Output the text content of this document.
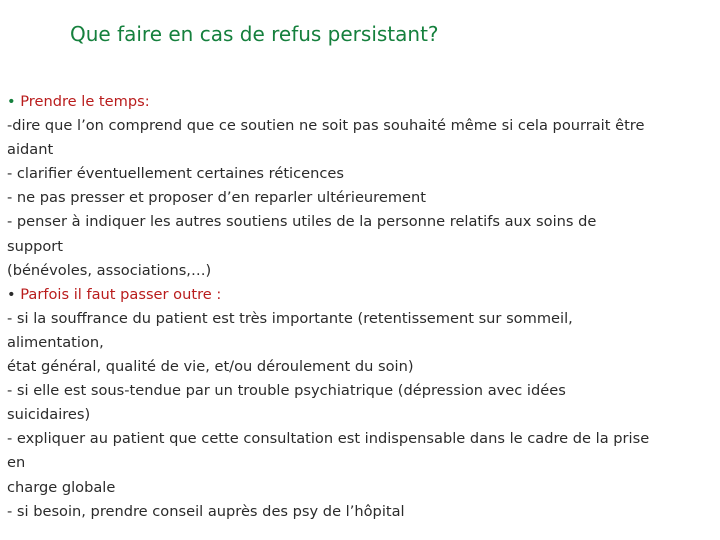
Que faire en cas de refus persistant?
• Prendre le temps:
-dire que l’on comprend que ce soutien ne soit pas souhaité même si cela pourrait être
aidant
- clarifier éventuellement certaines réticences
- ne pas presser et proposer d’en reparler ultérieurement
- penser à indiquer les autres soutiens utiles de la personne relatifs aux soins de
support
(bénévoles, associations,…)
• Parfois il faut passer outre :
- si la souffrance du patient est très importante (retentissement sur sommeil,
alimentation,
état général, qualité de vie, et/ou déroulement du soin)
- si elle est sous-tendue par un trouble psychiatrique (dépression avec idées
suicidaires)
- expliquer au patient que cette consultation est indispensable dans le cadre de la prise
en
charge globale
- si besoin, prendre conseil auprès des psy de l’hôpital
